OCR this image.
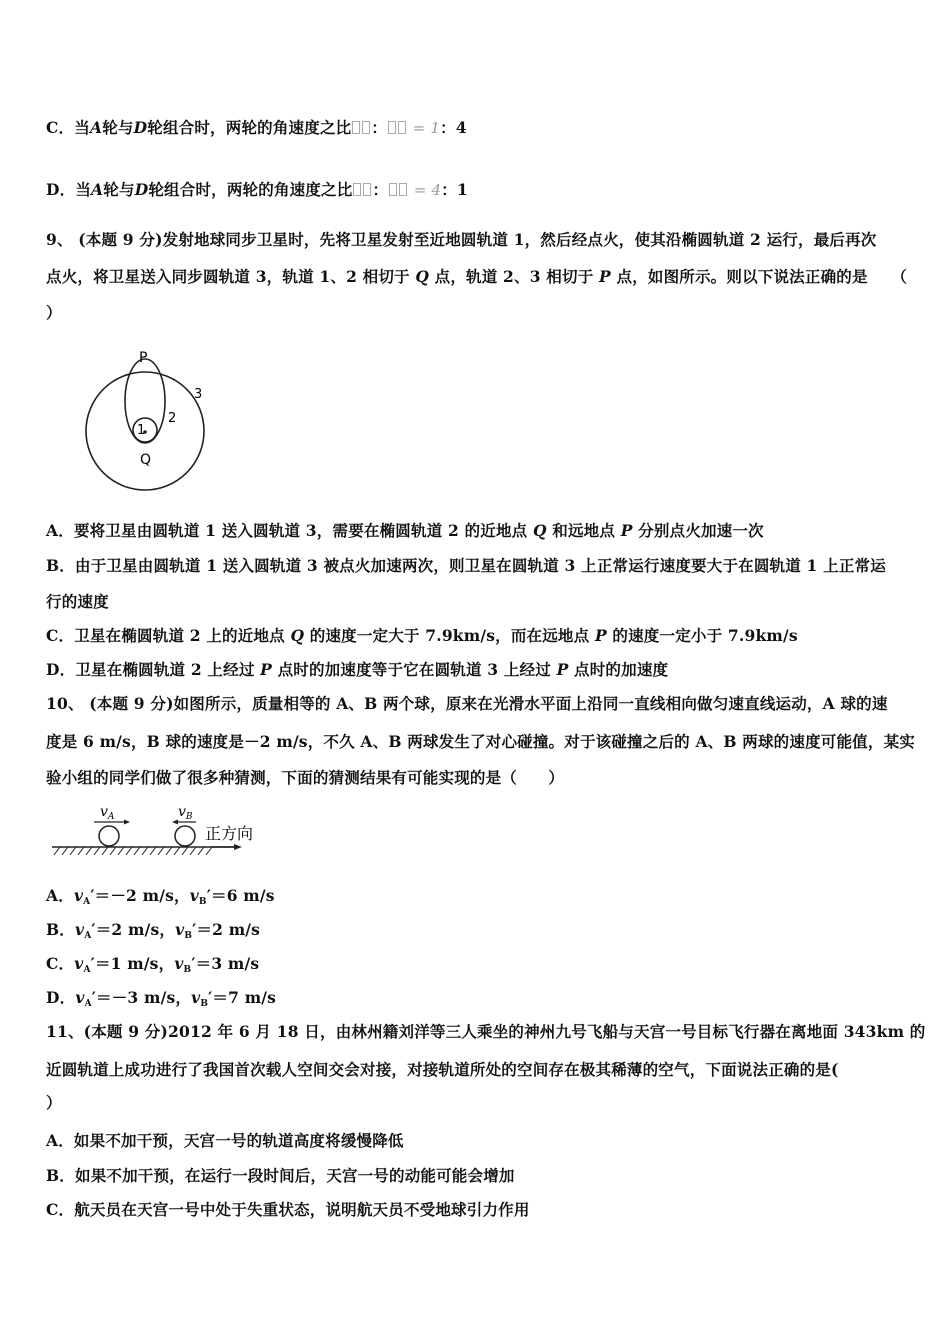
C．当A轮与D轮组合时，两轮的角速度之比 ： = 1：4
D．当A轮与D轮组合时，两轮的角速度之比 ： = 4：1
9、 (本题 9 分)发射地球同步卫星时，先将卫星发射至近地圆轨道 1，然后经点火，使其沿椭圆轨道 2 运行，最后再次
点火，将卫星送入同步圆轨道 3，轨道 1、2 相切于 Q 点，轨道 2、3 相切于 P 点，如图所示。则以下说法正确的是　　（
）
P
Q
1
2
3
A．要将卫星由圆轨道 1 送入圆轨道 3，需要在椭圆轨道 2 的近地点 Q 和远地点 P 分别点火加速一次
B．由于卫星由圆轨道 1 送入圆轨道 3 被点火加速两次，则卫星在圆轨道 3 上正常运行速度要大于在圆轨道 1 上正常运
行的速度
C．卫星在椭圆轨道 2 上的近地点 Q 的速度一定大于 7.9km/s，而在远地点 P 的速度一定小于 7.9km/s
D．卫星在椭圆轨道 2 上经过 P 点时的加速度等于它在圆轨道 3 上经过 P 点时的加速度
10、 (本题 9 分)如图所示，质量相等的 A、B 两个球，原来在光滑水平面上沿同一直线相向做匀速直线运动，A 球的速
度是 6 m/s，B 球的速度是－2 m/s，不久 A、B 两球发生了对心碰撞。对于该碰撞之后的 A、B 两球的速度可能值，某实
验小组的同学们做了很多种猜测，下面的猜测结果有可能实现的是（　　）
$v_A$	$v_B$
正方向
A．$v_A'=-2$ m/s，$v_B'=6$ m/s
B．$v_A'=2$ m/s，$v_B'=2$ m/s
C．$v_A'=1$ m/s，$v_B'=3$ m/s
D．$v_A'=-3$ m/s，$v_B'=7$ m/s
11、(本题 9 分)2012 年 6 月 18 日，由林州籍刘洋等三人乘坐的神州九号飞船与天宫一号目标飞行器在离地面 343km 的
近圆轨道上成功进行了我国首次载人空间交会对接，对接轨道所处的空间存在极其稀薄的空气，下面说法正确的是(
）
A．如果不加干预，天宫一号的轨道高度将缓慢降低
B．如果不加干预，在运行一段时间后，天宫一号的动能可能会增加
C．航天员在天宫一号中处于失重状态，说明航天员不受地球引力作用
